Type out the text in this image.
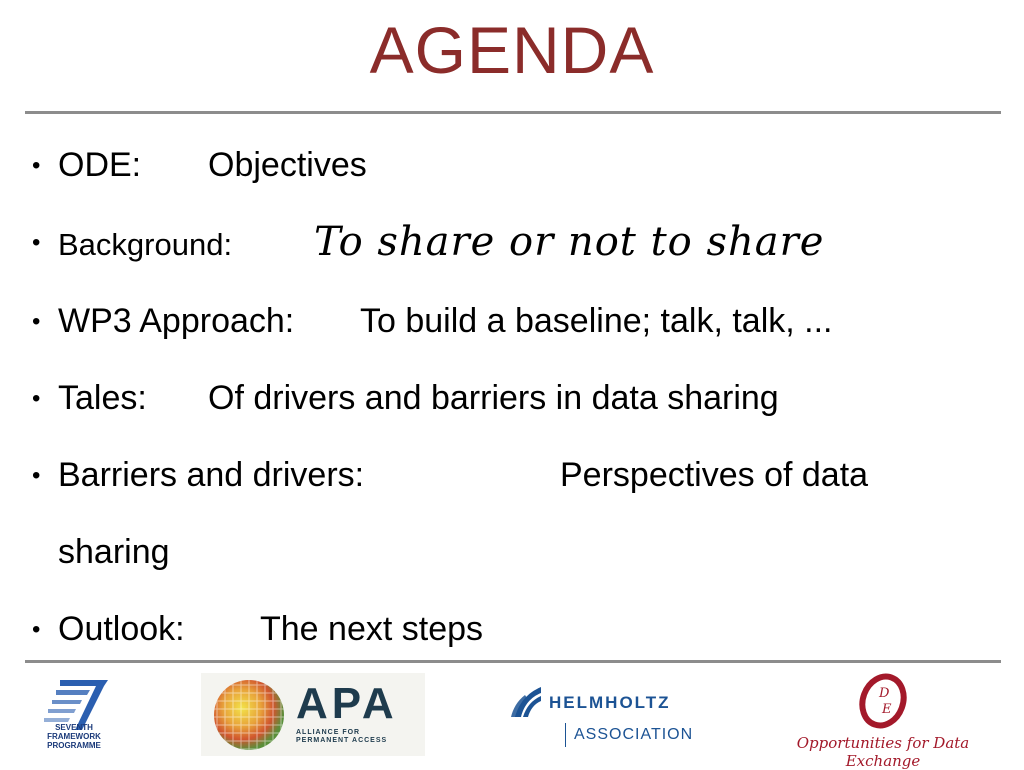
AGENDA
• ODE: Objectives
• Background: To share or not to share
• WP3 Approach: To build a baseline; talk, talk, ...
• Tales: Of drivers and barriers in data sharing
• Barriers and drivers:	Perspectives of data
sharing
• Outlook: The next steps
SEVENTH FRAMEWORK
PROGRAMME
APA
ALLIANCE FOR PERMANENT ACCESS
HELMHOLTZ
ASSOCIATION
D
E
Opportunities for Data Exchange
